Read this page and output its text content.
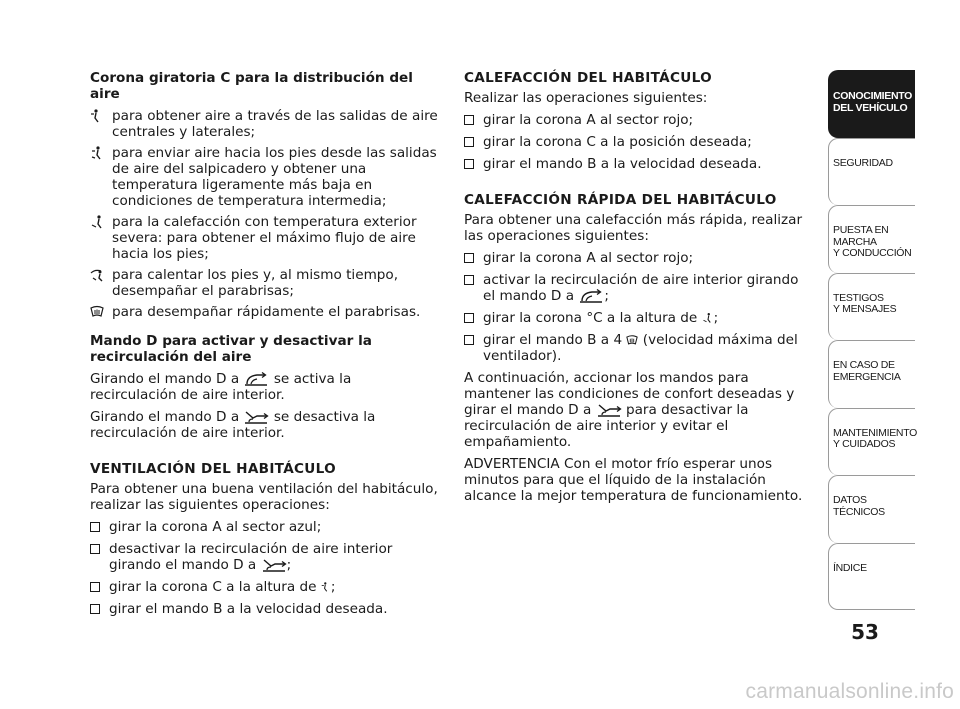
Corona giratoria C para la distribución del aire
para obtener aire a través de las salidas de aire centrales y laterales;
para enviar aire hacia los pies desde las salidas de aire del salpicadero y obtener una temperatura ligeramente más baja en condiciones de temperatura intermedia;
para la calefacción con temperatura exterior severa: para obtener el máximo flujo de aire hacia los pies;
para calentar los pies y, al mismo tiempo, desempañar el parabrisas;
para desempañar rápidamente el parabrisas.
Mando D para activar y desactivar la recirculación del aire

Girando el mando D a	se activa la recirculación de aire interior.

Girando el mando D a	se desactiva la recirculación de aire interior.

VENTILACIÓN DEL HABITÁCULO

Para obtener una buena ventilación del habitáculo, realizar las siguientes operaciones:

girar la corona A al sector azul;
desactivar la recirculación de aire interior girando el mando D a ;
girar la corona C a la altura de ;
girar el mando B a la velocidad deseada.
CALEFACCIÓN DEL HABITÁCULO

Realizar las operaciones siguientes:

girar la corona A al sector rojo;
girar la corona C a la posición deseada;
girar el mando B a la velocidad deseada.
CALEFACCIÓN RÁPIDA DEL HABITÁCULO

Para obtener una calefacción más rápida, realizar las operaciones siguientes:

girar la corona A al sector rojo;
activar la recirculación de aire interior girando el mando D a ;
girar la corona °C a la altura de ;
girar el mando B a 4 (velocidad máxima del ventilador).

A continuación, accionar los mandos para mantener las condiciones de confort deseadas y girar el mando D a	para desactivar la recirculación de aire interior y evitar el empañamiento.

ADVERTENCIA Con el motor frío esperar unos minutos para que el líquido de la instalación alcance la mejor temperatura de funcionamiento.

CONOCIMIENTO
DEL VEHÍCULO
SEGURIDAD
PUESTA EN
MARCHA
Y CONDUCCIÓN
TESTIGOS
Y MENSAJES
EN CASO DE
EMERGENCIA
MANTENIMIENTO
Y CUIDADOS
DATOS
TÉCNICOS
ÍNDICE
53
carmanualsonline.info
